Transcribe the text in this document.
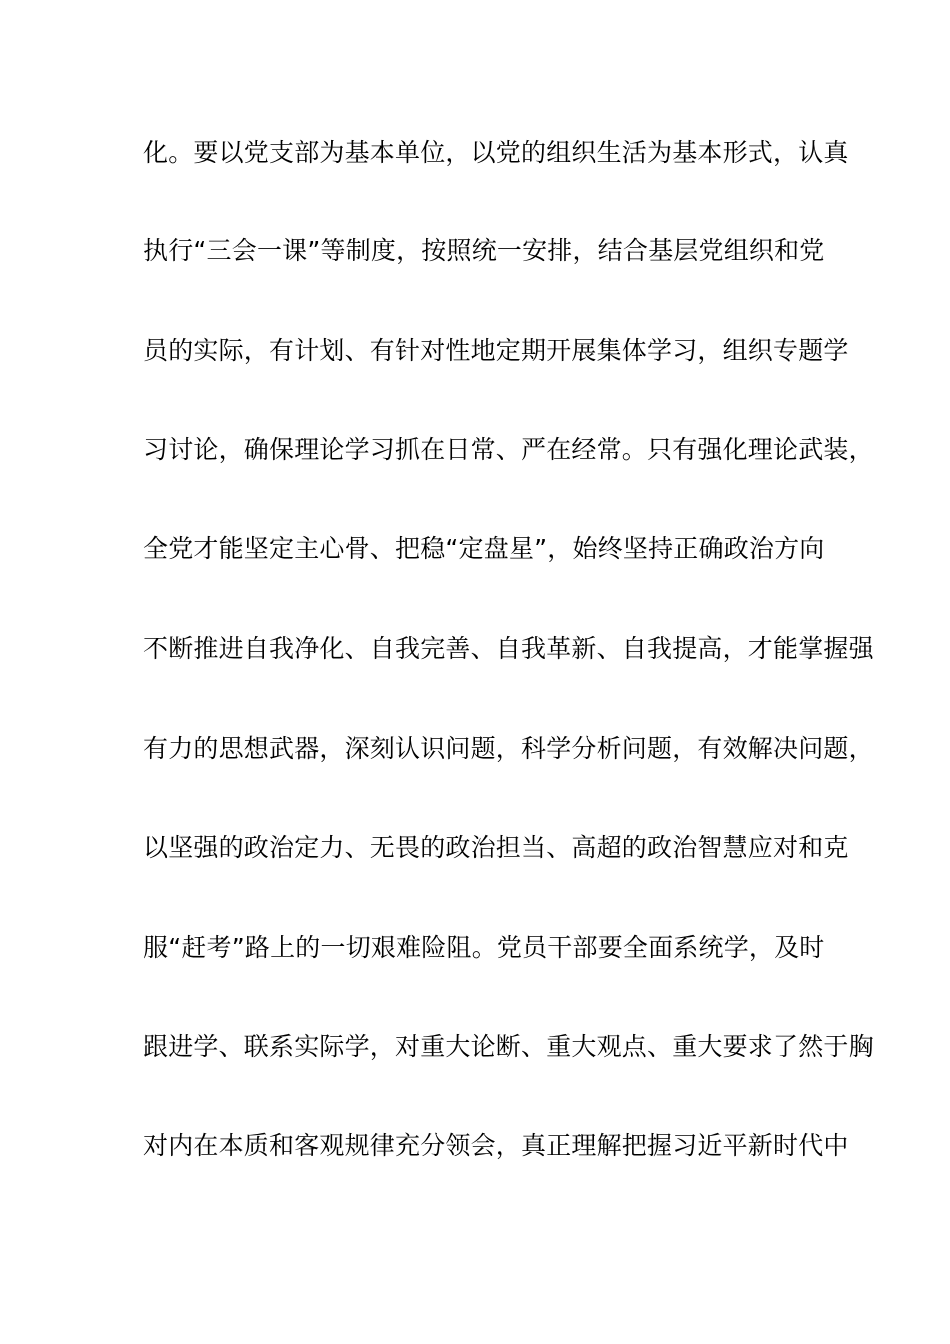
化。要以党支部为基本单位，以党的组织生活为基本形式，认真
执行“三会一课”等制度，按照统一安排，结合基层党组织和党
员的实际，有计划、有针对性地定期开展集体学习，组织专题学
习讨论，确保理论学习抓在日常、严在经常。只有强化理论武装，
全党才能坚定主心骨、把稳“定盘星”，始终坚持正确政治方向
不断推进自我净化、自我完善、自我革新、自我提高，才能掌握强
有力的思想武器，深刻认识问题，科学分析问题，有效解决问题，
以坚强的政治定力、无畏的政治担当、高超的政治智慧应对和克
服“赶考”路上的一切艰难险阻。党员干部要全面系统学，及时
跟进学、联系实际学，对重大论断、重大观点、重大要求了然于胸
对内在本质和客观规律充分领会，真正理解把握习近平新时代中
